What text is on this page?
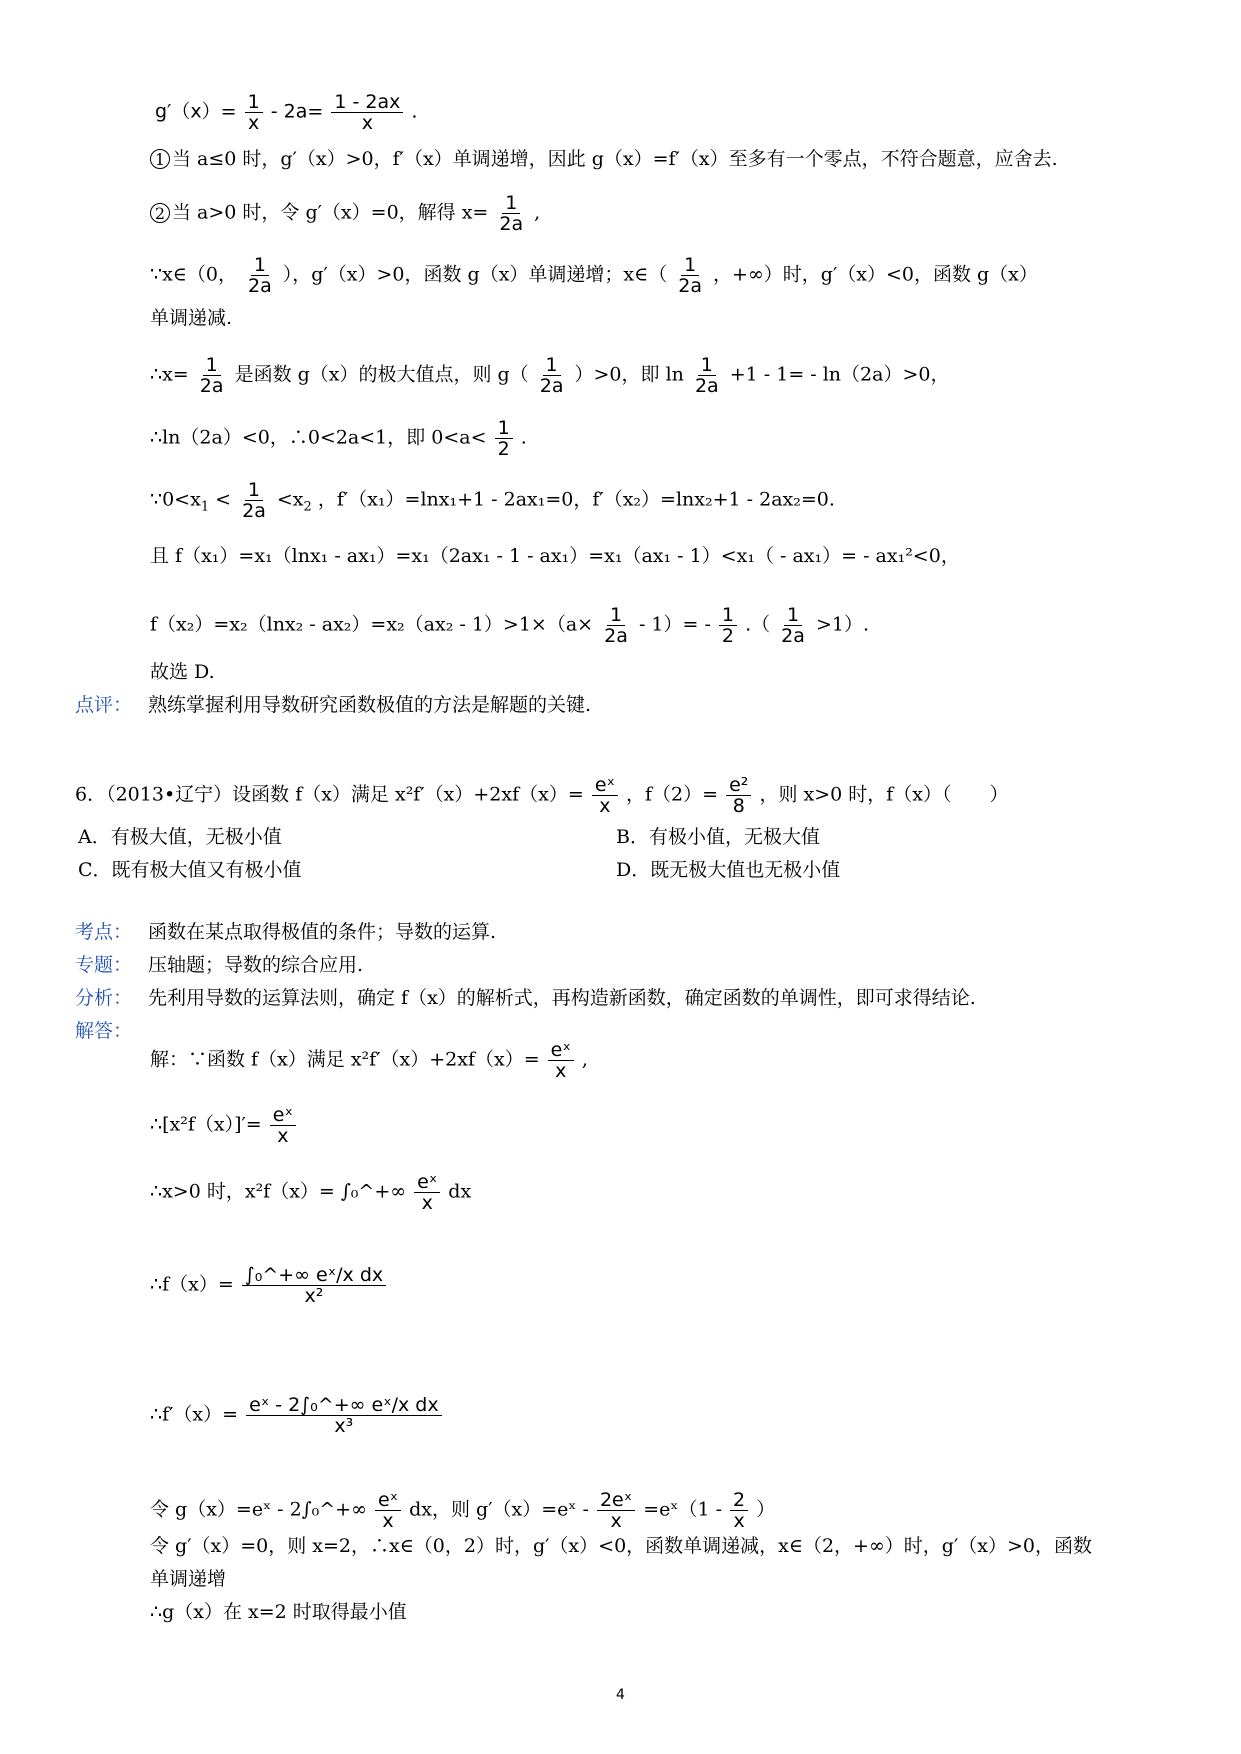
$g'(x)= \frac{1}{x} - 2a= \frac{1 - 2ax}{x}$ .
1 当 a≤0 时，g′（x）>0，f′（x）单调递增，因此 g（x）=f′（x）至多有一个零点，不符合题意，应舍去.
2 当 a>0 时，令 g′（x）=0，解得 $x= \frac{1}{2a}$ ,
∵x∈（0， $\frac{1}{2a}$ ），g′（x）>0，函数 g（x）单调递增；x∈（ $\frac{1}{2a}$ ，+∞）时，g′（x）<0，函数 g（x）
单调递减.
∴x= $\frac{1}{2a}$ 是函数 g（x）的极大值点，则 $g( \frac{1}{2a} )>0$，即 $\ln \frac{1}{2a} +1 - 1= - \ln(2a)>0$，
∴ln（2a）<0，∴0<2a<1，即 $0<a< \frac{1}{2}$ .
$\because 0<x_1 < \frac{1}{2a} <x_2$ ，f′（x₁）=lnx₁+1 - 2ax₁=0，f′（x₂）=lnx₂+1 - 2ax₂=0.
且 f（x₁）=x₁（lnx₁ - ax₁）=x₁（2ax₁ - 1 - ax₁）=x₁（ax₁ - 1）<x₁（ - ax₁）= - ax₁²<0，
$f(x_2)=x_2(\ln x_2 - ax_2)=x_2(ax_2 - 1)>1\times(a\times \frac{1}{2a} - 1)= - \frac{1}{2}$ .（ $\frac{1}{2a} >1$）.
故选 D.
点评： 熟练掌握利用导数研究函数极值的方法是解题的关键.
6．（2013•辽宁）设函数 f（x）满足 $x^2f'(x)+2xf(x)= \frac{\text{eˣ}}{x}$ ，$f(2)= \frac{\text{e²}}{8}$ ，则 x>0 时，f（x）（　　）
A．有极大值，无极小值	B．有极小值，无极大值
C．既有极大值又有极小值	D．既无极大值也无极小值
考点： 函数在某点取得极值的条件；导数的运算.
专题： 压轴题；导数的综合应用.
分析： 先利用导数的运算法则，确定 f（x）的解析式，再构造新函数，确定函数的单调性，即可求得结论.
解答：
解：∵函数 f（x）满足 $x^2f'(x)+2xf(x)= \frac{\text{eˣ}}{x}$ ,
∴[x²f（x）]′= $\frac{\text{eˣ}}{x}$
∴x>0 时，x²f（x）= ∫₀^+∞ $\frac{\text{eˣ}}{x}$ dx
∴f（x）= $\frac{\text{∫₀\textasciicircum{}+∞ eˣ/x dx}}{\text{x²}}$
∴f′（x）= $\frac{\text{eˣ - 2∫₀\textasciicircum{}+∞ eˣ/x dx}}{\text{x³}}$
令 g（x）=eˣ - 2∫₀^+∞ $\frac{\text{eˣ}}{x}$ dx，则 g′（x）=eˣ - $\frac{\text{2eˣ}}{x}$ =eˣ（1 - $\frac{2}{x}$ ）
令 g′（x）=0，则 x=2，∴x∈（0，2）时，g′（x）<0，函数单调递减，x∈（2，+∞）时，g′（x）>0，函数
单调递增
∴g（x）在 x=2 时取得最小值
4
